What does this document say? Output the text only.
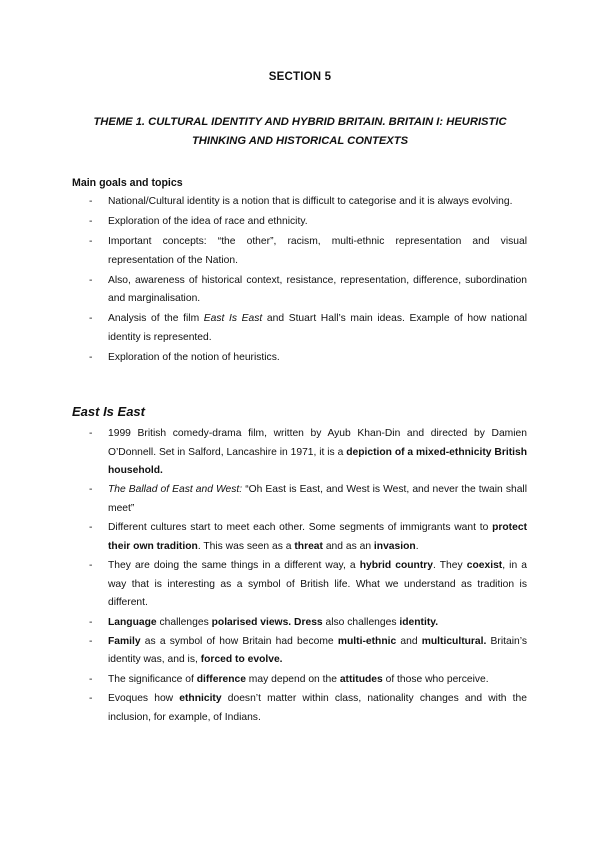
SECTION 5
THEME 1. CULTURAL IDENTITY AND HYBRID BRITAIN. BRITAIN I: HEURISTIC THINKING AND HISTORICAL CONTEXTS
Main goals and topics
- National/Cultural identity is a notion that is difficult to categorise and it is always evolving.
- Exploration of the idea of race and ethnicity.
- Important concepts: “the other”, racism, multi-ethnic representation and visual representation of the Nation.
- Also, awareness of historical context, resistance, representation, difference, subordination and marginalisation.
- Analysis of the film East Is East and Stuart Hall’s main ideas. Example of how national identity is represented.
- Exploration of the notion of heuristics.
East Is East
- 1999 British comedy-drama film, written by Ayub Khan-Din and directed by Damien O’Donnell. Set in Salford, Lancashire in 1971, it is a depiction of a mixed-ethnicity British household.
- The Ballad of East and West: “Oh East is East, and West is West, and never the twain shall meet”
- Different cultures start to meet each other. Some segments of immigrants want to protect their own tradition. This was seen as a threat and as an invasion.
- They are doing the same things in a different way, a hybrid country. They coexist, in a way that is interesting as a symbol of British life. What we understand as tradition is different.
- Language challenges polarised views. Dress also challenges identity.
- Family as a symbol of how Britain had become multi-ethnic and multicultural. Britain’s identity was, and is, forced to evolve.
- The significance of difference may depend on the attitudes of those who perceive.
- Evoques how ethnicity doesn’t matter within class, nationality changes and with the inclusion, for example, of Indians.
